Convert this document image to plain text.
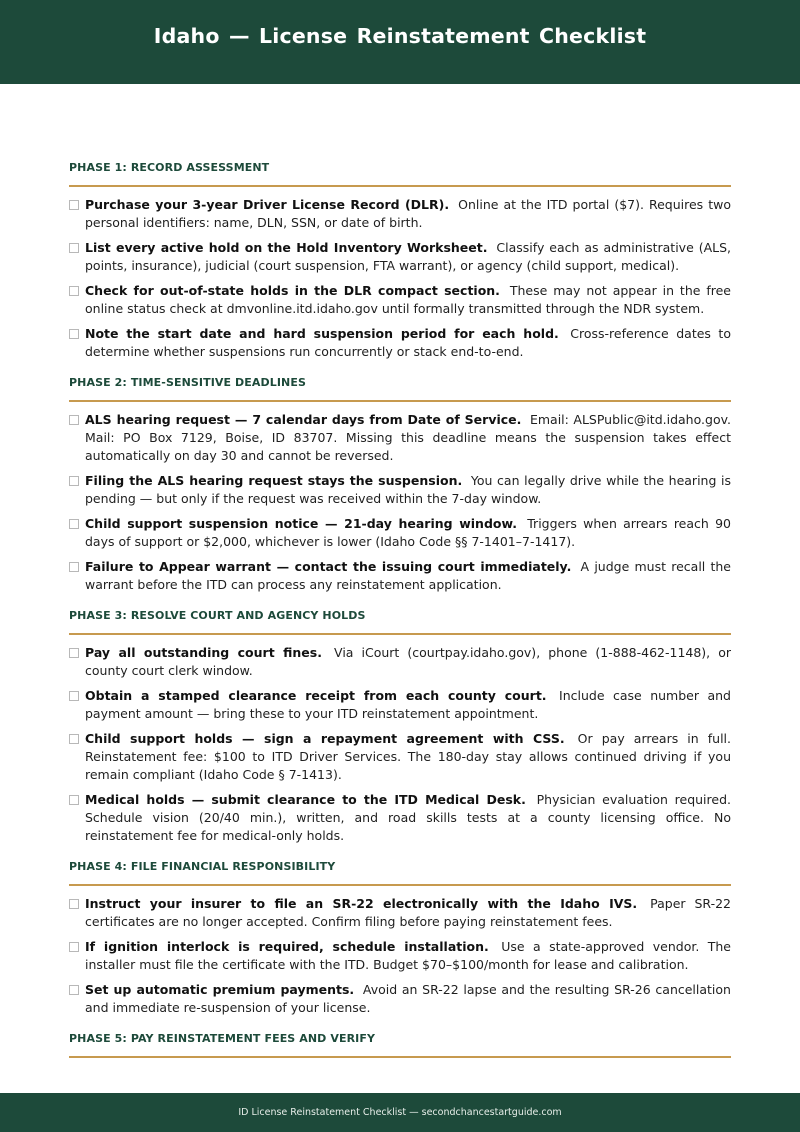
Idaho — License Reinstatement Checklist
PHASE 1: RECORD ASSESSMENT
Purchase your 3-year Driver License Record (DLR). Online at the ITD portal ($7). Requires two personal identifiers: name, DLN, SSN, or date of birth.
List every active hold on the Hold Inventory Worksheet. Classify each as administrative (ALS, points, insurance), judicial (court suspension, FTA warrant), or agency (child support, medical).
Check for out-of-state holds in the DLR compact section. These may not appear in the free online status check at dmvonline.itd.idaho.gov until formally transmitted through the NDR system.
Note the start date and hard suspension period for each hold. Cross-reference dates to determine whether suspensions run concurrently or stack end-to-end.
PHASE 2: TIME-SENSITIVE DEADLINES
ALS hearing request — 7 calendar days from Date of Service. Email: ALSPublic@itd.idaho.gov. Mail: PO Box 7129, Boise, ID 83707. Missing this deadline means the suspension takes effect automatically on day 30 and cannot be reversed.
Filing the ALS hearing request stays the suspension. You can legally drive while the hearing is pending — but only if the request was received within the 7-day window.
Child support suspension notice — 21-day hearing window. Triggers when arrears reach 90 days of support or $2,000, whichever is lower (Idaho Code §§ 7-1401–7-1417).
Failure to Appear warrant — contact the issuing court immediately. A judge must recall the warrant before the ITD can process any reinstatement application.
PHASE 3: RESOLVE COURT AND AGENCY HOLDS
Pay all outstanding court fines. Via iCourt (courtpay.idaho.gov), phone (1-888-462-1148), or county court clerk window.
Obtain a stamped clearance receipt from each county court. Include case number and payment amount — bring these to your ITD reinstatement appointment.
Child support holds — sign a repayment agreement with CSS. Or pay arrears in full. Reinstatement fee: $100 to ITD Driver Services. The 180-day stay allows continued driving if you remain compliant (Idaho Code § 7-1413).
Medical holds — submit clearance to the ITD Medical Desk. Physician evaluation required. Schedule vision (20/40 min.), written, and road skills tests at a county licensing office. No reinstatement fee for medical-only holds.
PHASE 4: FILE FINANCIAL RESPONSIBILITY
Instruct your insurer to file an SR-22 electronically with the Idaho IVS. Paper SR-22 certificates are no longer accepted. Confirm filing before paying reinstatement fees.
If ignition interlock is required, schedule installation. Use a state-approved vendor. The installer must file the certificate with the ITD. Budget $70–$100/month for lease and calibration.
Set up automatic premium payments. Avoid an SR-22 lapse and the resulting SR-26 cancellation and immediate re-suspension of your license.
PHASE 5: PAY REINSTATEMENT FEES AND VERIFY
ID License Reinstatement Checklist — secondchancestartguide.com
